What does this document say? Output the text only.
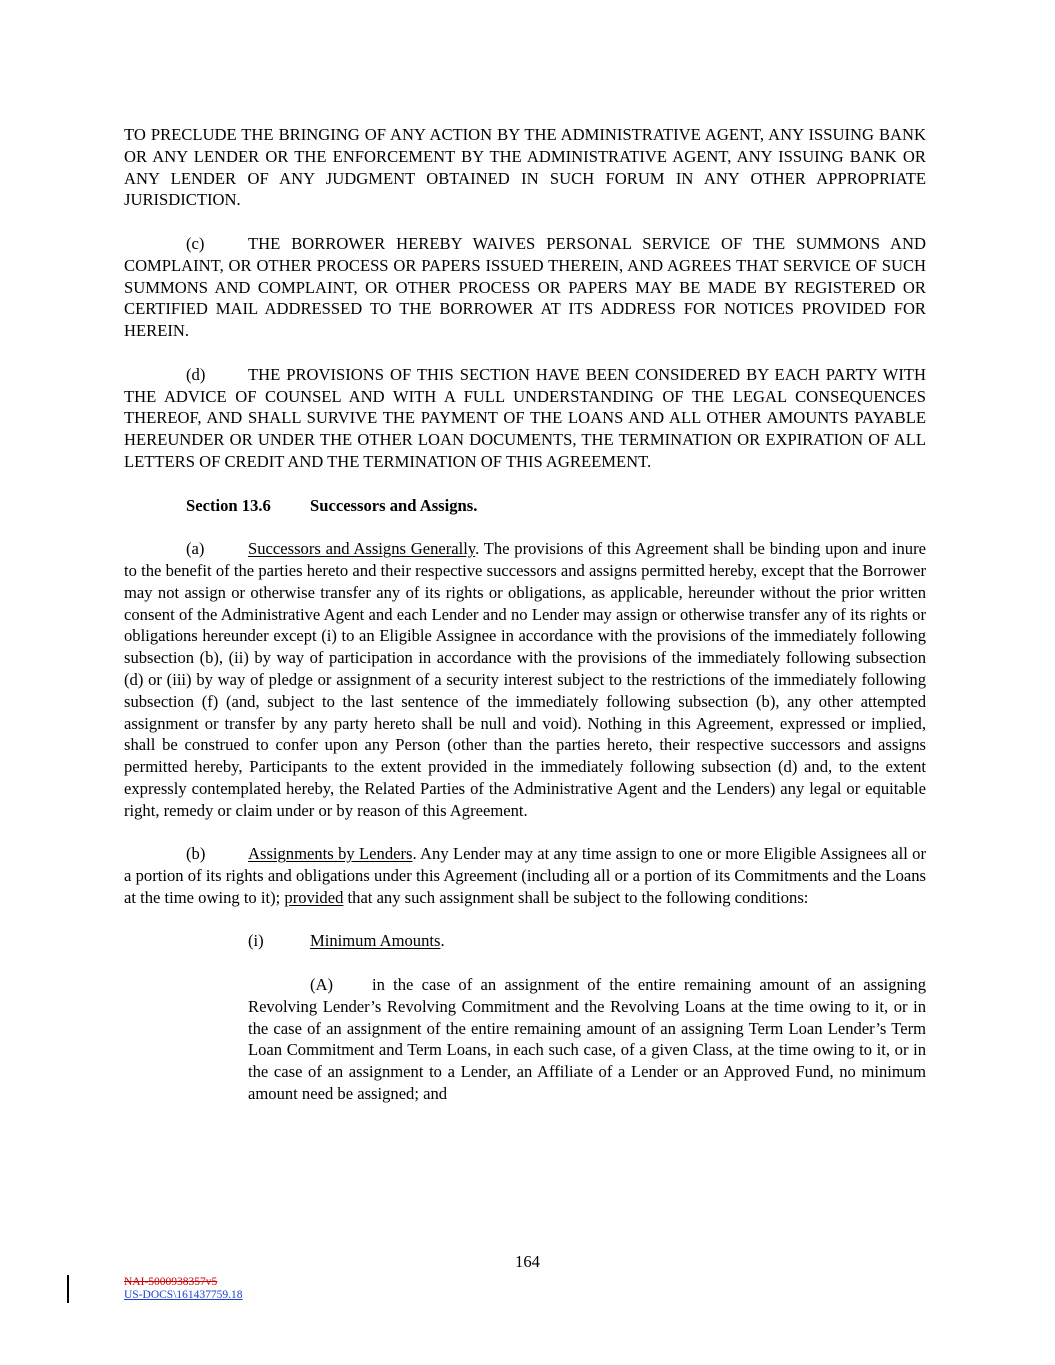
TO PRECLUDE THE BRINGING OF ANY ACTION BY THE ADMINISTRATIVE AGENT, ANY ISSUING BANK OR ANY LENDER OR THE ENFORCEMENT BY THE ADMINISTRATIVE AGENT, ANY ISSUING BANK OR ANY LENDER OF ANY JUDGMENT OBTAINED IN SUCH FORUM IN ANY OTHER APPROPRIATE JURISDICTION.

(c)	THE BORROWER HEREBY WAIVES PERSONAL SERVICE OF THE SUMMONS AND COMPLAINT, OR OTHER PROCESS OR PAPERS ISSUED THEREIN, AND AGREES THAT SERVICE OF SUCH SUMMONS AND COMPLAINT, OR OTHER PROCESS OR PAPERS MAY BE MADE BY REGISTERED OR CERTIFIED MAIL ADDRESSED TO THE BORROWER AT ITS ADDRESS FOR NOTICES PROVIDED FOR HEREIN.

(d)	THE PROVISIONS OF THIS SECTION HAVE BEEN CONSIDERED BY EACH PARTY WITH THE ADVICE OF COUNSEL AND WITH A FULL UNDERSTANDING OF THE LEGAL CONSEQUENCES THEREOF, AND SHALL SURVIVE THE PAYMENT OF THE LOANS AND ALL OTHER AMOUNTS PAYABLE HEREUNDER OR UNDER THE OTHER LOAN DOCUMENTS, THE TERMINATION OR EXPIRATION OF ALL LETTERS OF CREDIT AND THE TERMINATION OF THIS AGREEMENT.

Section 13.6 Successors and Assigns.

(a)	Successors and Assigns Generally. The provisions of this Agreement shall be binding upon and inure to the benefit of the parties hereto and their respective successors and assigns permitted hereby, except that the Borrower may not assign or otherwise transfer any of its rights or obligations, as applicable, hereunder without the prior written consent of the Administrative Agent and each Lender and no Lender may assign or otherwise transfer any of its rights or obligations hereunder except (i) to an Eligible Assignee in accordance with the provisions of the immediately following subsection (b), (ii) by way of participation in accordance with the provisions of the immediately following subsection (d) or (iii) by way of pledge or assignment of a security interest subject to the restrictions of the immediately following subsection (f) (and, subject to the last sentence of the immediately following subsection (b), any other attempted assignment or transfer by any party hereto shall be null and void). Nothing in this Agreement, expressed or implied, shall be construed to confer upon any Person (other than the parties hereto, their respective successors and assigns permitted hereby, Participants to the extent provided in the immediately following subsection (d) and, to the extent expressly contemplated hereby, the Related Parties of the Administrative Agent and the Lenders) any legal or equitable right, remedy or claim under or by reason of this Agreement.

(b)	Assignments by Lenders. Any Lender may at any time assign to one or more Eligible Assignees all or a portion of its rights and obligations under this Agreement (including all or a portion of its Commitments and the Loans at the time owing to it); provided that any such assignment shall be subject to the following conditions:

(i)	Minimum Amounts.

(A) in the case of an assignment of the entire remaining amount of an assigning Revolving Lender’s Revolving Commitment and the Revolving Loans at the time owing to it, or in the case of an assignment of the entire remaining amount of an assigning Term Loan Lender’s Term Loan Commitment and Term Loans, in each such case, of a given Class, at the time owing to it, or in the case of an assignment to a Lender, an Affiliate of a Lender or an Approved Fund, no minimum amount need be assigned; and

164
NAI-5000938357v5
US-DOCS\161437759.18
